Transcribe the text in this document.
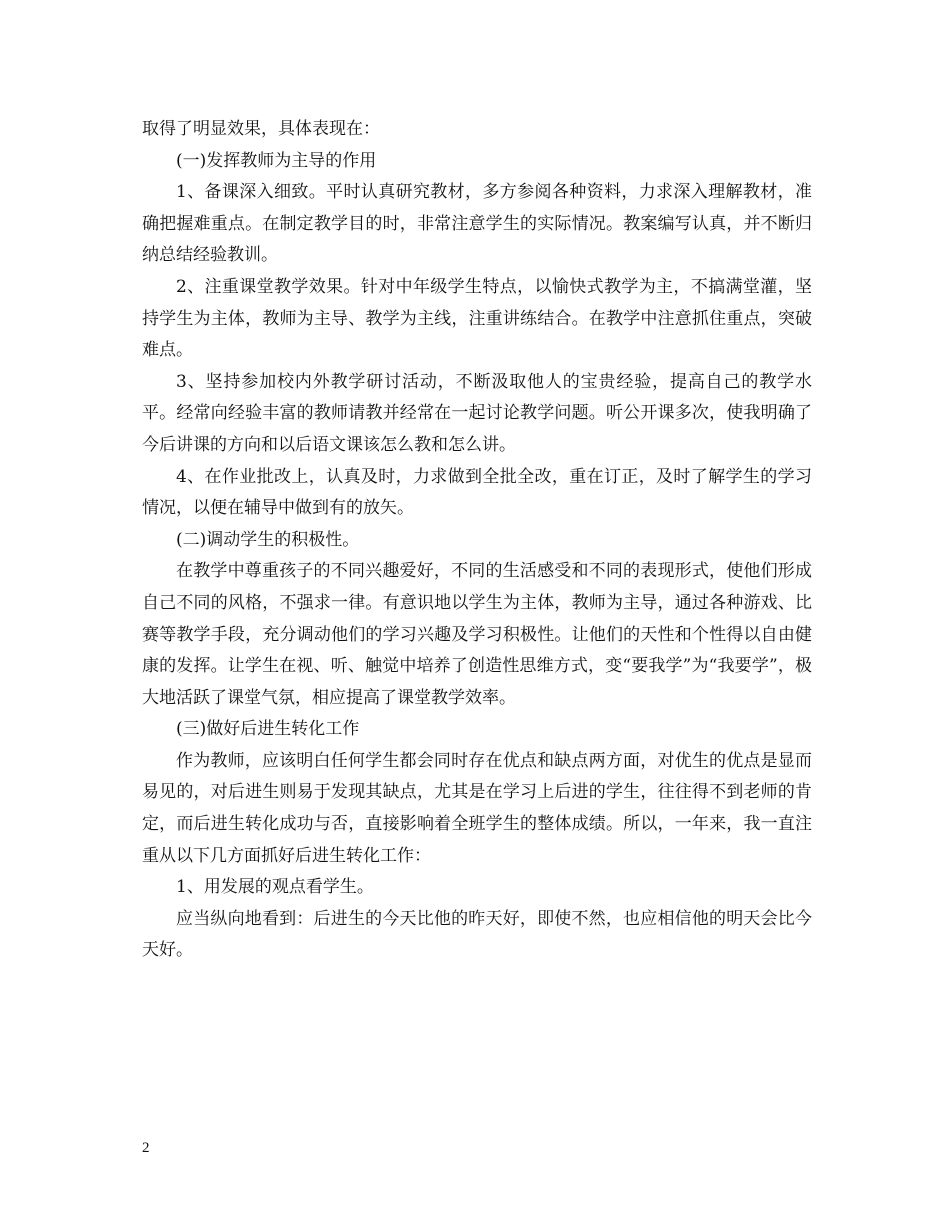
取得了明显效果，具体表现在：

(一)发挥教师为主导的作用

1、备课深入细致。平时认真研究教材，多方参阅各种资料，力求深入理解教材，准确把握难重点。在制定教学目的时，非常注意学生的实际情况。教案编写认真，并不断归纳总结经验教训。

2、注重课堂教学效果。针对中年级学生特点，以愉快式教学为主，不搞满堂灌，坚持学生为主体，教师为主导、教学为主线，注重讲练结合。在教学中注意抓住重点，突破难点。

3、坚持参加校内外教学研讨活动，不断汲取他人的宝贵经验，提高自己的教学水平。经常向经验丰富的教师请教并经常在一起讨论教学问题。听公开课多次，使我明确了今后讲课的方向和以后语文课该怎么教和怎么讲。

4、在作业批改上，认真及时，力求做到全批全改，重在订正，及时了解学生的学习情况，以便在辅导中做到有的放矢。

(二)调动学生的积极性。

在教学中尊重孩子的不同兴趣爱好，不同的生活感受和不同的表现形式，使他们形成自己不同的风格，不强求一律。有意识地以学生为主体，教师为主导，通过各种游戏、比赛等教学手段，充分调动他们的学习兴趣及学习积极性。让他们的天性和个性得以自由健康的发挥。让学生在视、听、触觉中培养了创造性思维方式，变“要我学”为“我要学”，极大地活跃了课堂气氛，相应提高了课堂教学效率。

(三)做好后进生转化工作

作为教师，应该明白任何学生都会同时存在优点和缺点两方面，对优生的优点是显而易见的，对后进生则易于发现其缺点，尤其是在学习上后进的学生，往往得不到老师的肯定，而后进生转化成功与否，直接影响着全班学生的整体成绩。所以，一年来，我一直注重从以下几方面抓好后进生转化工作：

1、用发展的观点看学生。

应当纵向地看到：后进生的今天比他的昨天好，即使不然，也应相信他的明天会比今天好。

2
